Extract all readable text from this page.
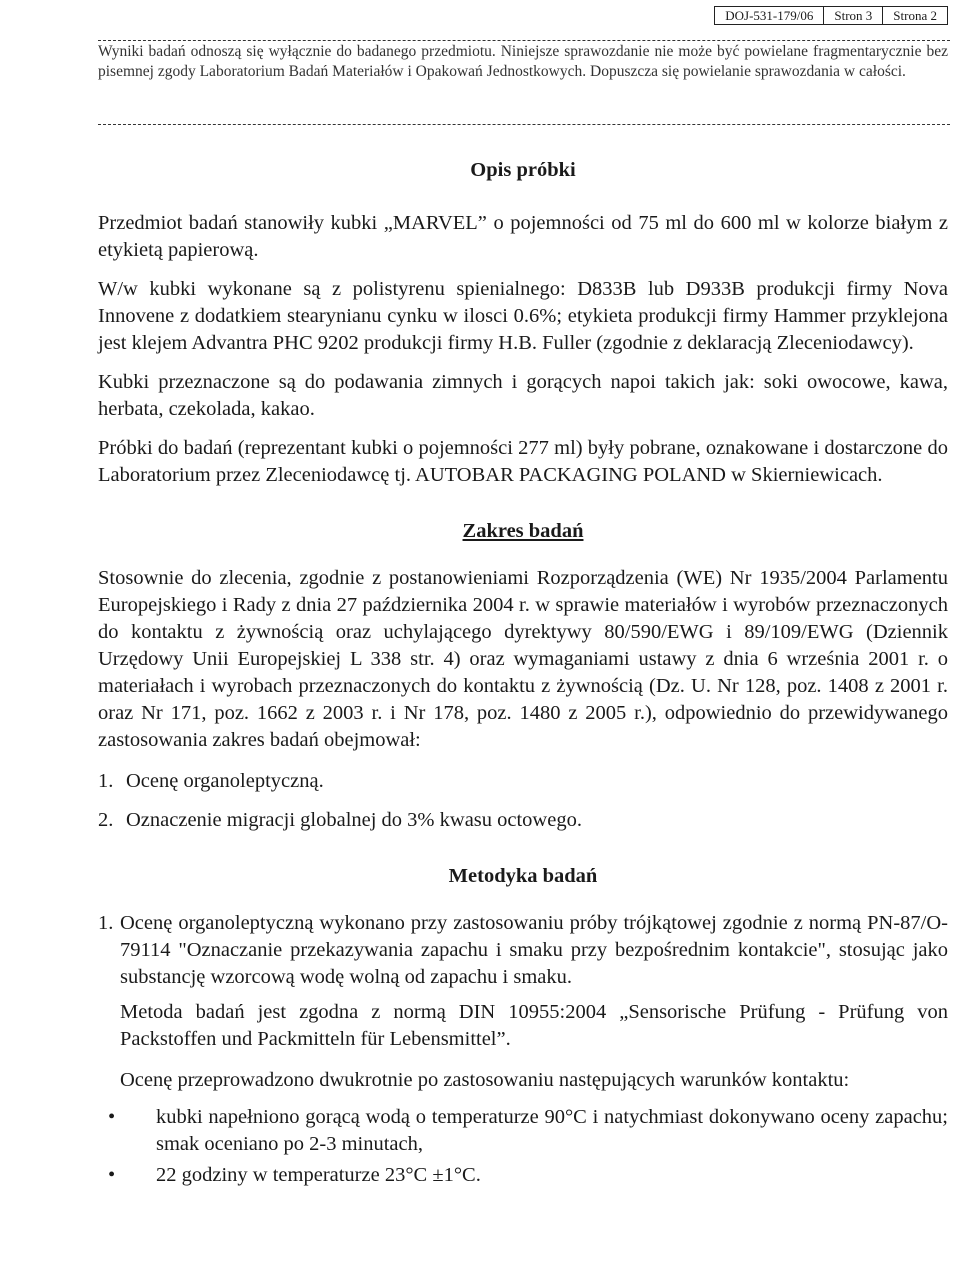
DOJ-531-179/06	Stron 3	Strona 2
Wyniki badań odnoszą się wyłącznie do badanego przedmiotu. Niniejsze sprawozdanie nie może być powielane fragmentarycznie bez pisemnej zgody Laboratorium Badań Materiałów i Opakowań Jednostkowych. Dopuszcza się powielanie sprawozdania w całości.
Opis próbki

Przedmiot badań stanowiły kubki „MARVEL” o pojemności od 75 ml do 600 ml w kolorze białym z etykietą papierową.

W/w kubki wykonane są z polistyrenu spienialnego: D833B lub D933B produkcji firmy Nova Innovene z dodatkiem stearynianu cynku w ilosci 0.6%; etykieta produkcji firmy Hammer przyklejona jest klejem Advantra PHC 9202 produkcji firmy H.B. Fuller (zgodnie z deklaracją Zleceniodawcy).

Kubki przeznaczone są do podawania zimnych i gorących napoi takich jak: soki owocowe, kawa, herbata, czekolada, kakao.

Próbki do badań (reprezentant kubki o pojemności 277 ml) były pobrane, oznakowane i dostarczone do Laboratorium przez Zleceniodawcę tj. AUTOBAR PACKAGING POLAND w Skierniewicach.

Zakres badań

Stosownie do zlecenia, zgodnie z postanowieniami Rozporządzenia (WE) Nr 1935/2004 Parlamentu Europejskiego i Rady z dnia 27 października 2004 r. w sprawie materiałów i wyrobów przeznaczonych do kontaktu z żywnością oraz uchylającego dyrektywy 80/590/EWG i 89/109/EWG (Dziennik Urzędowy Unii Europejskiej L 338 str. 4) oraz wymaganiami ustawy z dnia 6 września 2001 r. o materiałach i wyrobach przeznaczonych do kontaktu z żywnością (Dz. U. Nr 128, poz. 1408 z 2001 r. oraz Nr 171, poz. 1662 z 2003 r. i Nr 178, poz. 1480 z 2005 r.), odpowiednio do przewidywanego zastosowania zakres badań obejmował:

1. Ocenę organoleptyczną.
2. Oznaczenie migracji globalnej do 3% kwasu octowego.
Metodyka badań
1. Ocenę organoleptyczną wykonano przy zastosowaniu próby trójkątowej zgodnie z normą PN-87/O-79114 "Oznaczanie przekazywania zapachu i smaku przy bezpośrednim kontakcie", stosując jako substancję wzorcową wodę wolną od zapachu i smaku.

Metoda badań jest zgodna z normą DIN 10955:2004 „Sensorische Prüfung - Prüfung von Packstoffen und Packmitteln für Lebensmittel”.

Ocenę przeprowadzono dwukrotnie po zastosowaniu następujących warunków kontaktu:

•	kubki napełniono gorącą wodą o temperaturze 90°C i natychmiast dokonywano oceny zapachu; smak oceniano po 2-3 minutach,
•	22 godziny w temperaturze 23°C ±1°C.
